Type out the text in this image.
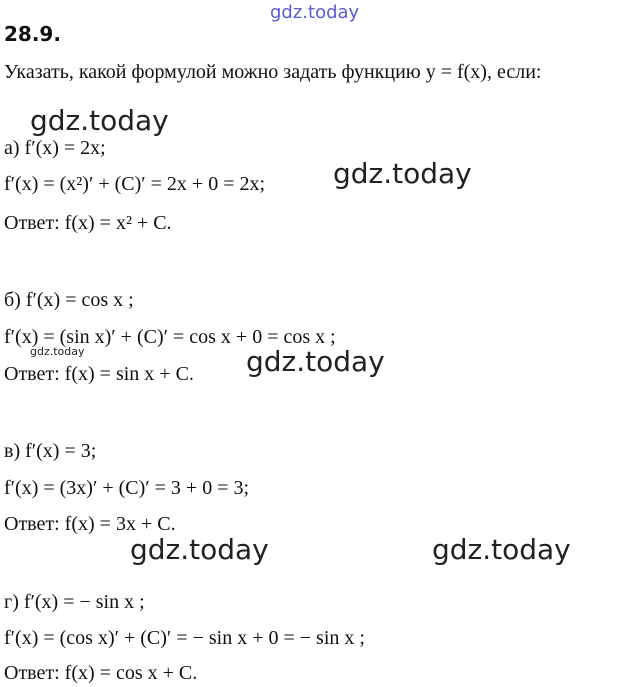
gdz.today
gdz.today
gdz.today
gdz.today	gdz.today
gdz.today	gdz.today
28.9.
Указать, какой формулой можно задать функцию y = f(x), если:
а) f′(x) = 2x;
f′(x) = (x²)′ + (C)′ = 2x + 0 = 2x;
Ответ: f(x) = x² + C.
б) f′(x) = cos x ;
f′(x) = (sin x)′ + (C)′ = cos x + 0 = cos x ;
Ответ: f(x) = sin x + C.
в) f′(x) = 3;
f′(x) = (3x)′ + (C)′ = 3 + 0 = 3;
Ответ: f(x) = 3x + C.
г) f′(x) = − sin x ;
f′(x) = (cos x)′ + (C)′ = − sin x + 0 = − sin x ;
Ответ: f(x) = cos x + C.
